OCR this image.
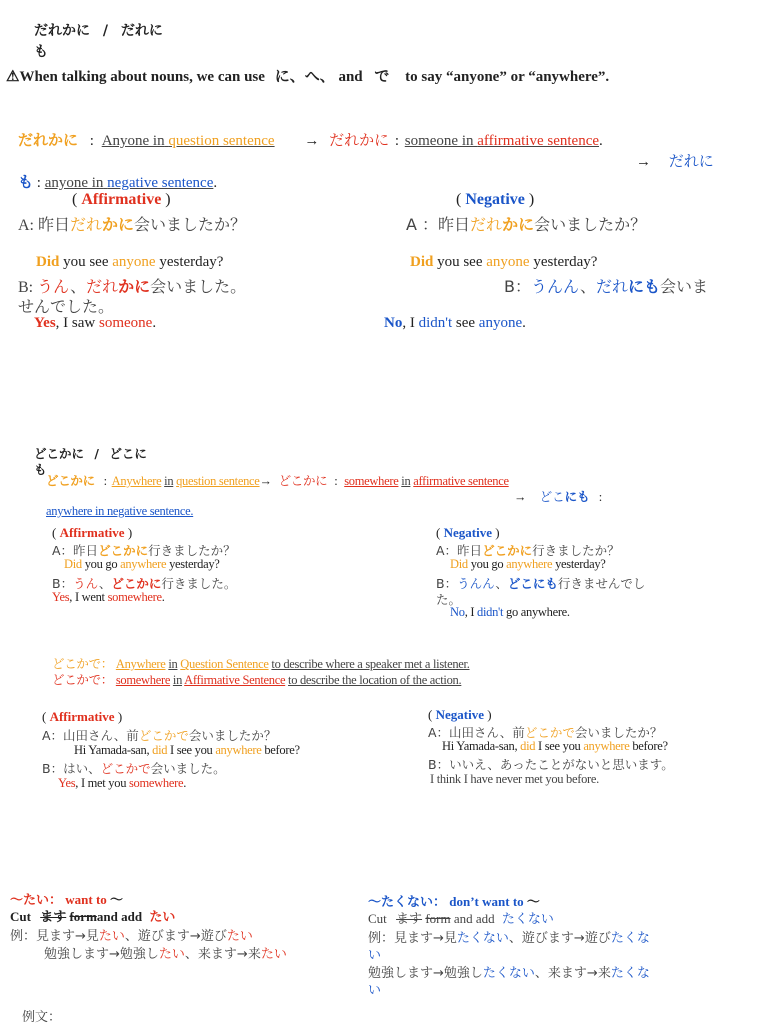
だれかに / だれに
も
⚠When talking about nouns, we can use に、へ、 and で to say “anyone” or “anywhere”.
だれかに : Anyone in question sentence → だれかに : someone in affirmative sentence.
→ だれに
も : anyone in negative sentence.
( Affirmative )	( Negative )
A: 昨日だれかに会いましたか？	A ：昨日だれかに会いましたか？
Did you see anyone yesterday?	Did you see anyone yesterday?
B: うん、だれかに会いました。	B：うんん、だれにも会いま
せんでした。
Yes, I saw someone.	No, I didn't see anyone.
どこかに / どこに
も
どこかに : Anywhere in question sentence→ どこかに : somewhere in affirmative sentence
→ どこにも :
anywhere in negative sentence.
( Affirmative )	( Negative )
A：昨日どこかに行きましたか？	A：昨日どこかに行きましたか？
Did you go anywhere yesterday?	Did you go anywhere yesterday?
B：うん、どこかに行きました。	B：うんん、どこにも行きませんでし
た。
Yes, I went somewhere.
No, I didn't go anywhere.
どこかで： Anywhere in Question Sentence to describe where a speaker met a listener.
どこかで： somewhere in Affirmative Sentence to describe the location of the action.
( Affirmative )	( Negative )
A：山田さん、前どこかで会いましたか？	A：山田さん、前どこかで会いましたか？
Hi Yamada-san, did I see you anywhere before?	Hi Yamada-san, did I see you anywhere before?
B：はい、どこかで会いました。	B：いいえ、あったことがないと思います。
Yes, I met you somewhere.	I think I have never met you before.
〜たい： want to 〜
Cut ます formand add たい
例：見ます→見たい、遊びます→遊びたい
勉強します→勉強したい、来ます→来たい
〜たくない： don’t want to 〜
Cut ます form and add たくない
例：見ます→見たくない、遊びます→遊びたくな
い
勉強します→勉強したくない、来ます→来たくな
い
例文：
